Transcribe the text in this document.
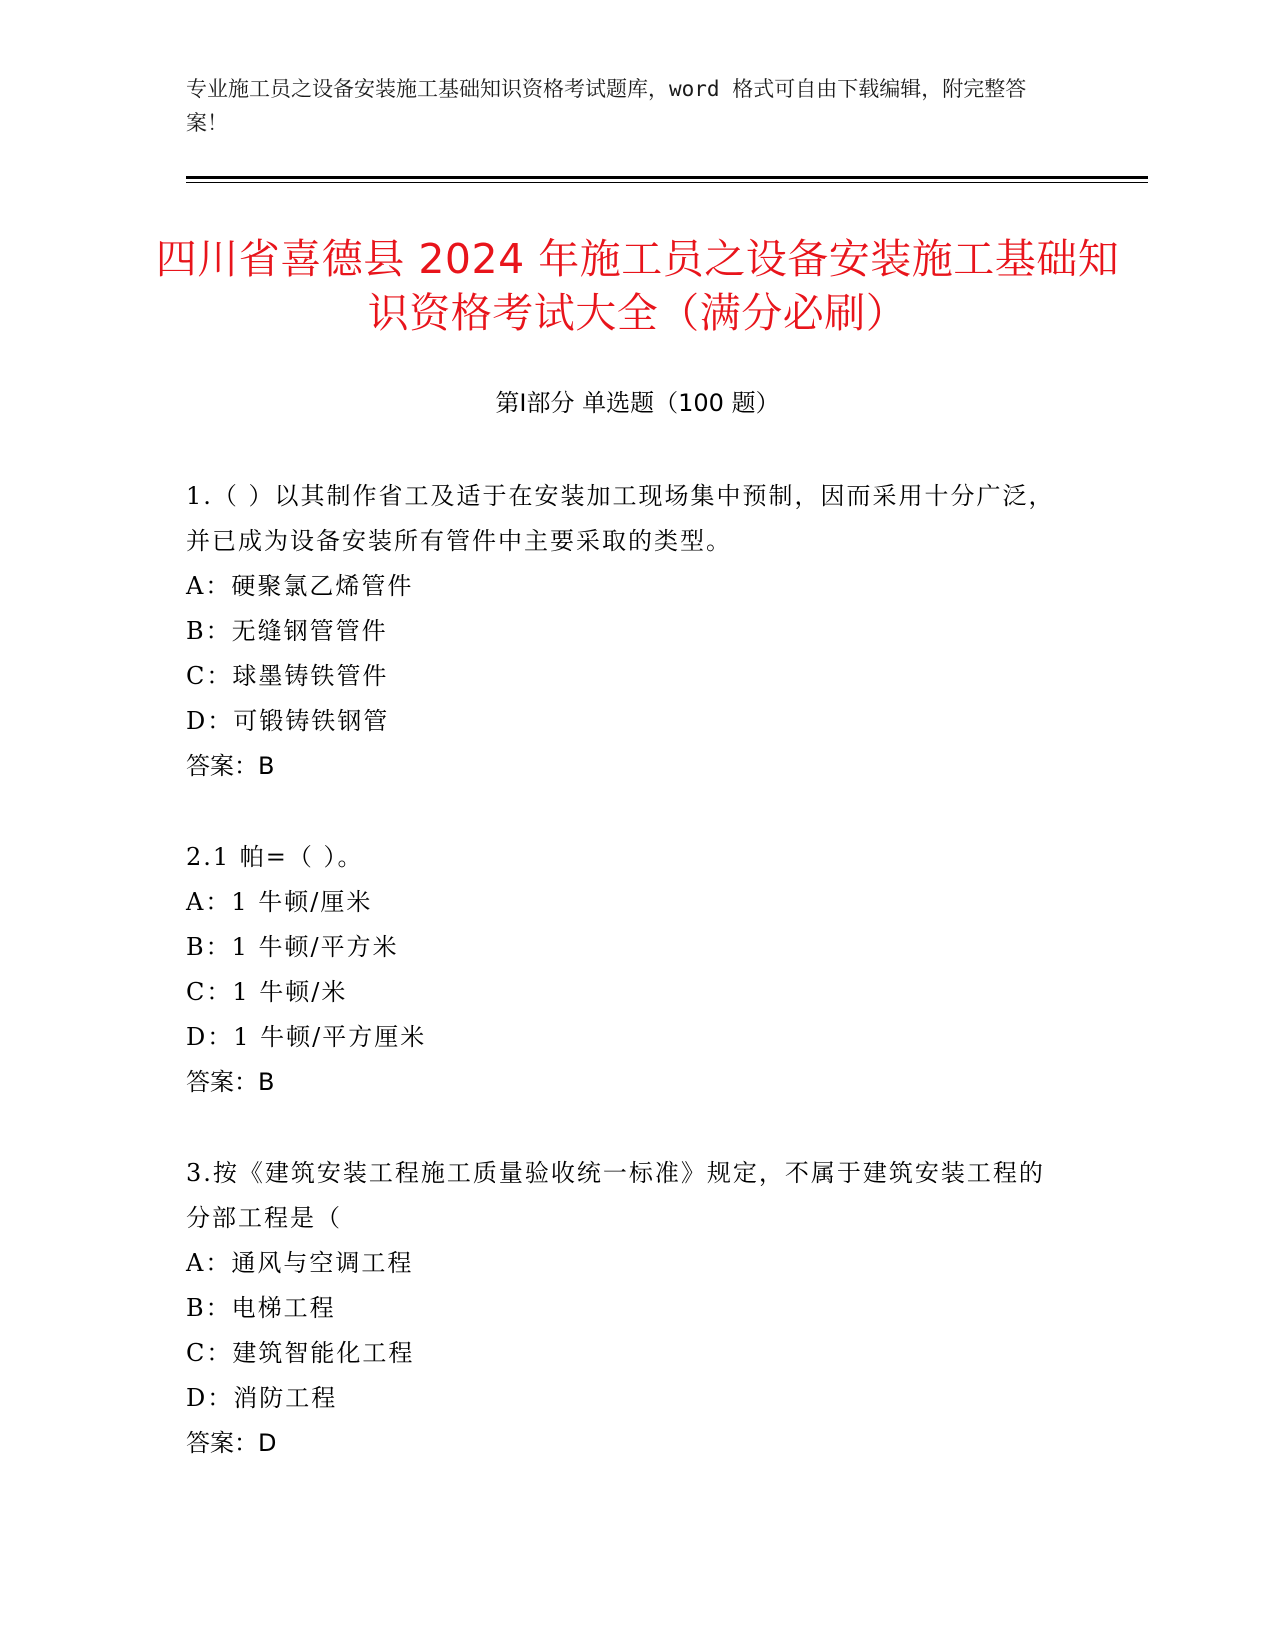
专业施工员之设备安装施工基础知识资格考试题库，word 格式可自由下载编辑，附完整答案！
四川省喜德县 2024 年施工员之设备安装施工基础知识资格考试大全（满分必刷）
第Ⅰ部分 单选题（100 题）
1.（ ）以其制作省工及适于在安装加工现场集中预制，因而采用十分广泛，并已成为设备安装所有管件中主要采取的类型。
A：硬聚氯乙烯管件
B：无缝钢管管件
C：球墨铸铁管件
D：可锻铸铁钢管
答案：B
2.1 帕=（ ）。
A：1 牛顿/厘米
B：1 牛顿/平方米
C：1 牛顿/米
D：1 牛顿/平方厘米
答案：B
3.按《建筑安装工程施工质量验收统一标准》规定，不属于建筑安装工程的分部工程是（
A：通风与空调工程
B：电梯工程
C：建筑智能化工程
D：消防工程
答案：D
